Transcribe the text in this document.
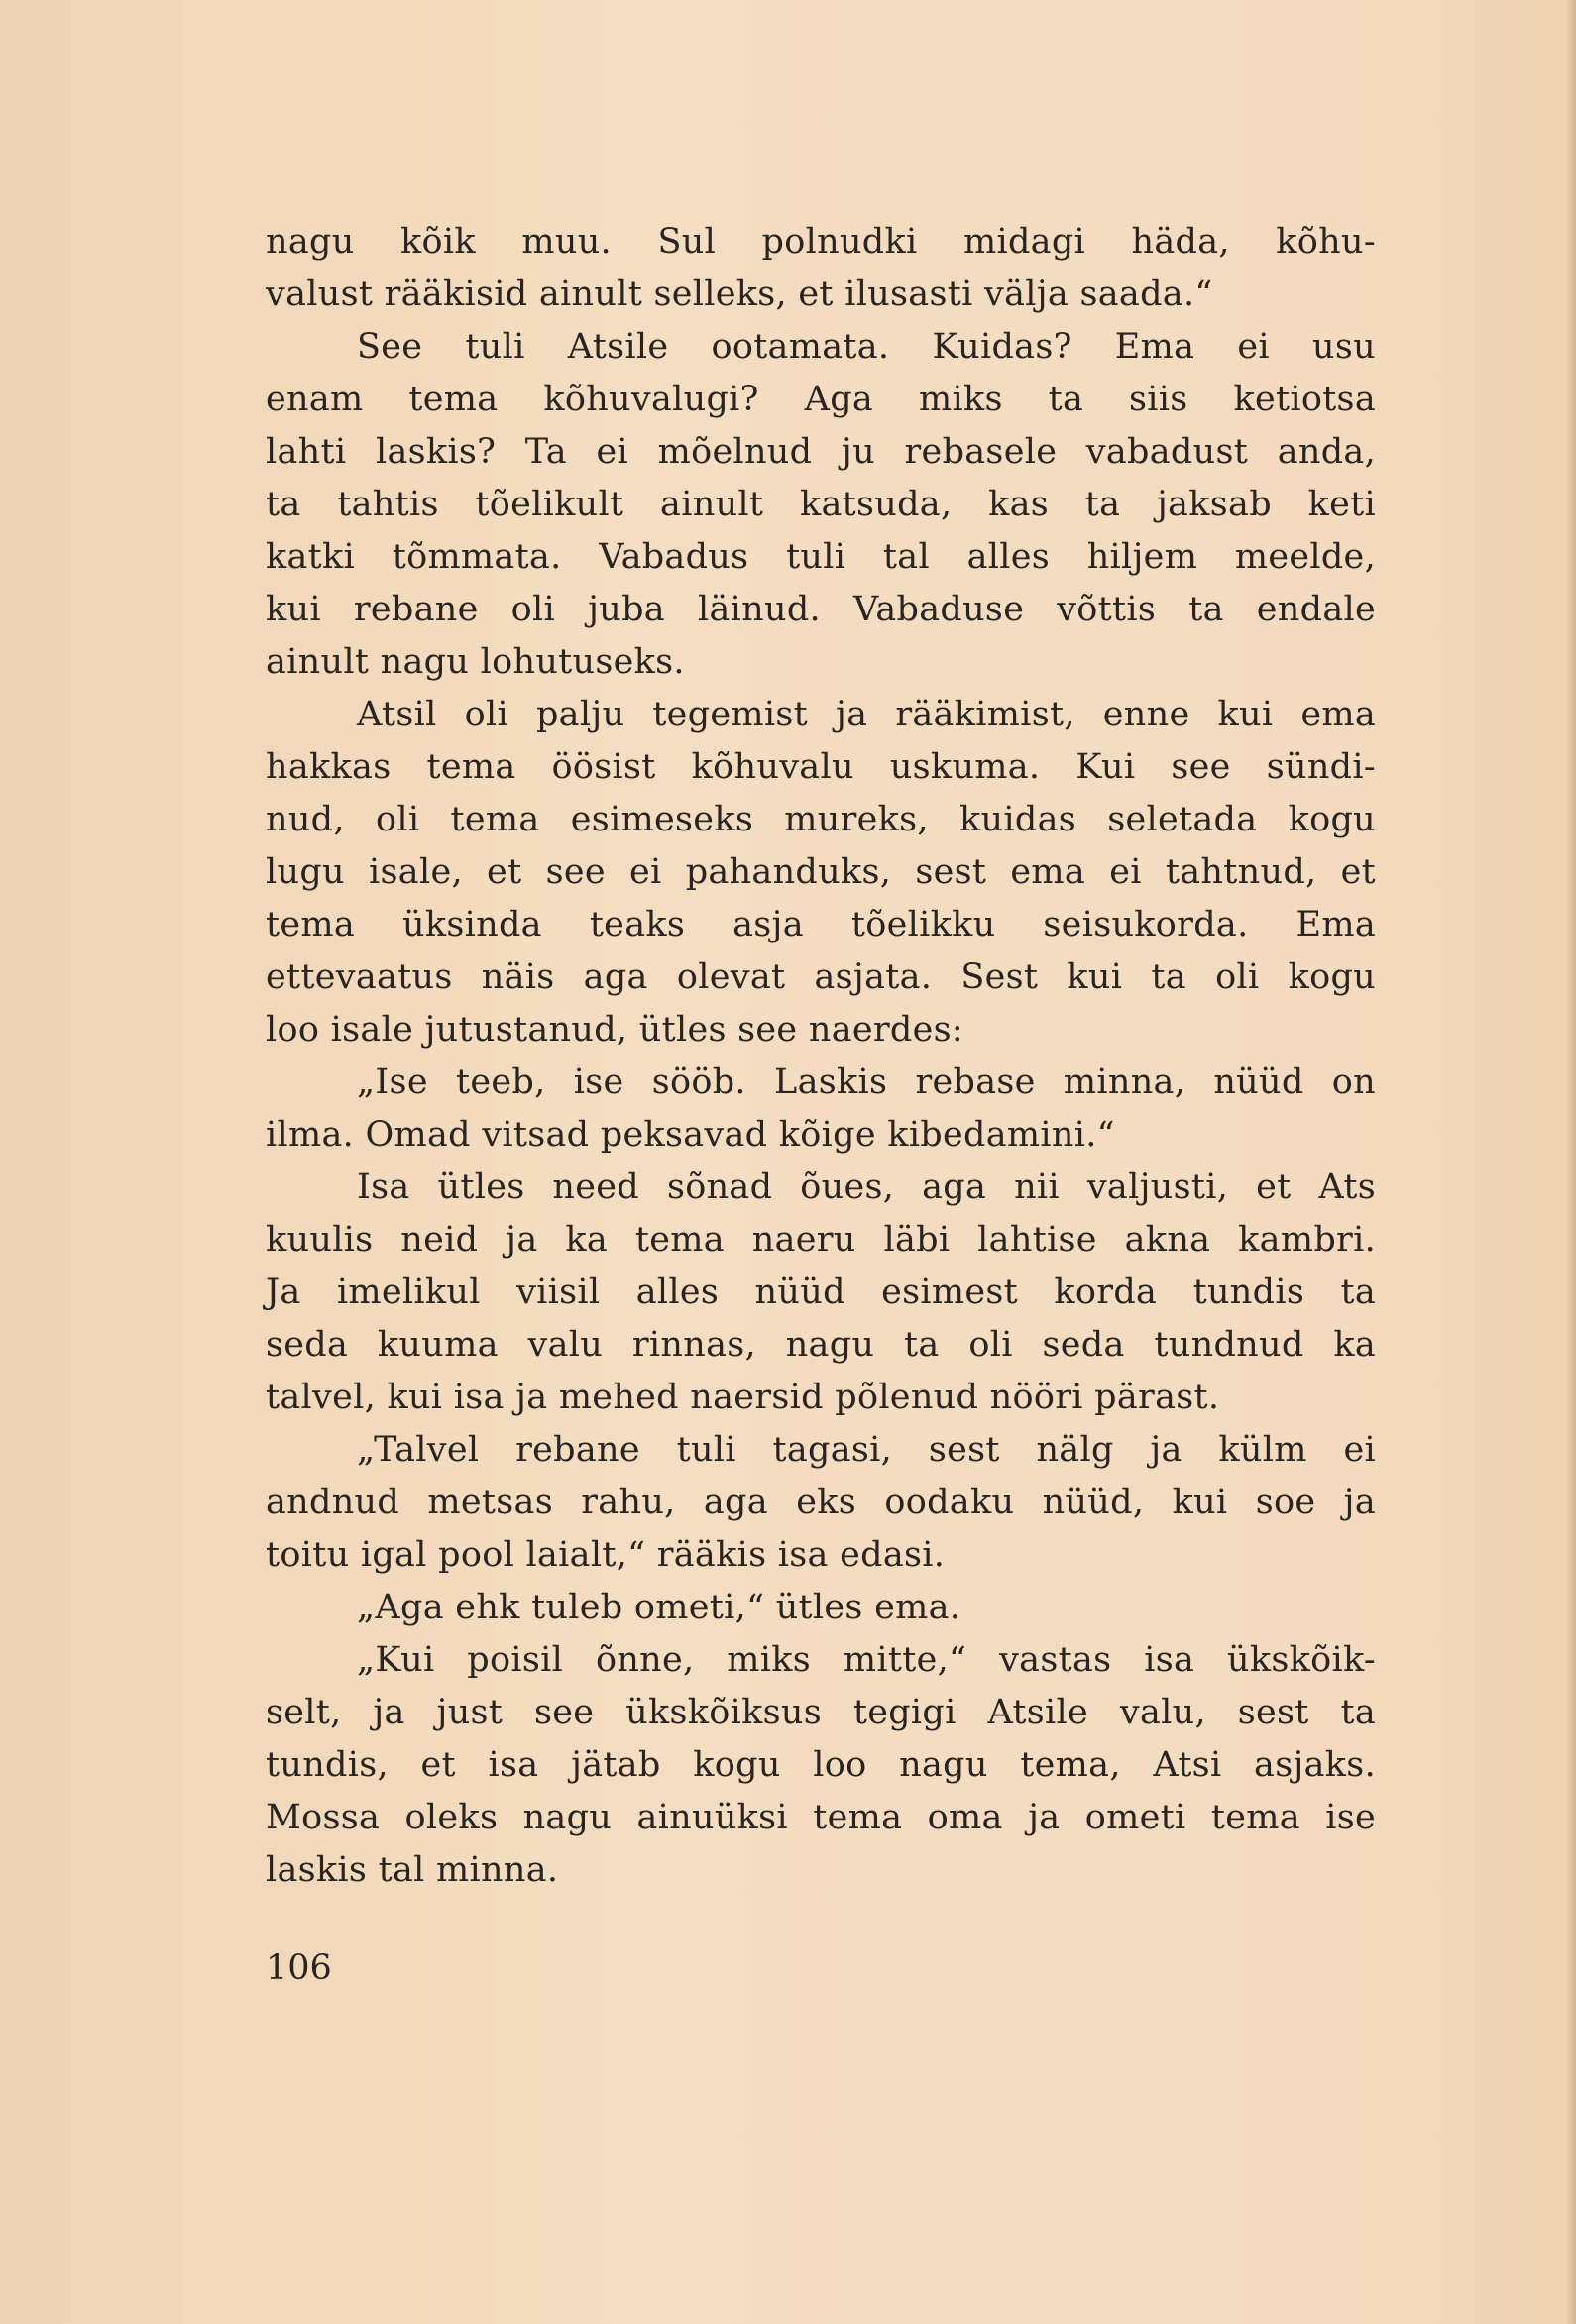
nagu kõik muu. Sul polnudki midagi häda, kõhu-
valust rääkisid ainult selleks, et ilusasti välja saada.“
See tuli Atsile ootamata. Kuidas? Ema ei usu
enam tema kõhuvalugi? Aga miks ta siis ketiotsa
lahti laskis? Ta ei mõelnud ju rebasele vabadust anda,
ta tahtis tõelikult ainult katsuda, kas ta jaksab keti
katki tõmmata. Vabadus tuli tal alles hiljem meelde,
kui rebane oli juba läinud. Vabaduse võttis ta endale
ainult nagu lohutuseks.
Atsil oli palju tegemist ja rääkimist, enne kui ema
hakkas tema öösist kõhuvalu uskuma. Kui see sündi-
nud, oli tema esimeseks mureks, kuidas seletada kogu
lugu isale, et see ei pahanduks, sest ema ei tahtnud, et
tema üksinda teaks asja tõelikku seisukorda. Ema
ettevaatus näis aga olevat asjata. Sest kui ta oli kogu
loo isale jutustanud, ütles see naerdes:
„Ise teeb, ise sööb. Laskis rebase minna, nüüd on
ilma. Omad vitsad peksavad kõige kibedamini.“
Isa ütles need sõnad õues, aga nii valjusti, et Ats
kuulis neid ja ka tema naeru läbi lahtise akna kambri.
Ja imelikul viisil alles nüüd esimest korda tundis ta
seda kuuma valu rinnas, nagu ta oli seda tundnud ka
talvel, kui isa ja mehed naersid põlenud nööri pärast.
„Talvel rebane tuli tagasi, sest nälg ja külm ei
andnud metsas rahu, aga eks oodaku nüüd, kui soe ja
toitu igal pool laialt,“ rääkis isa edasi.
„Aga ehk tuleb ometi,“ ütles ema.
„Kui poisil õnne, miks mitte,“ vastas isa ükskõik-
selt, ja just see ükskõiksus tegigi Atsile valu, sest ta
tundis, et isa jätab kogu loo nagu tema, Atsi asjaks.
Mossa oleks nagu ainuüksi tema oma ja ometi tema ise
laskis tal minna.
106
